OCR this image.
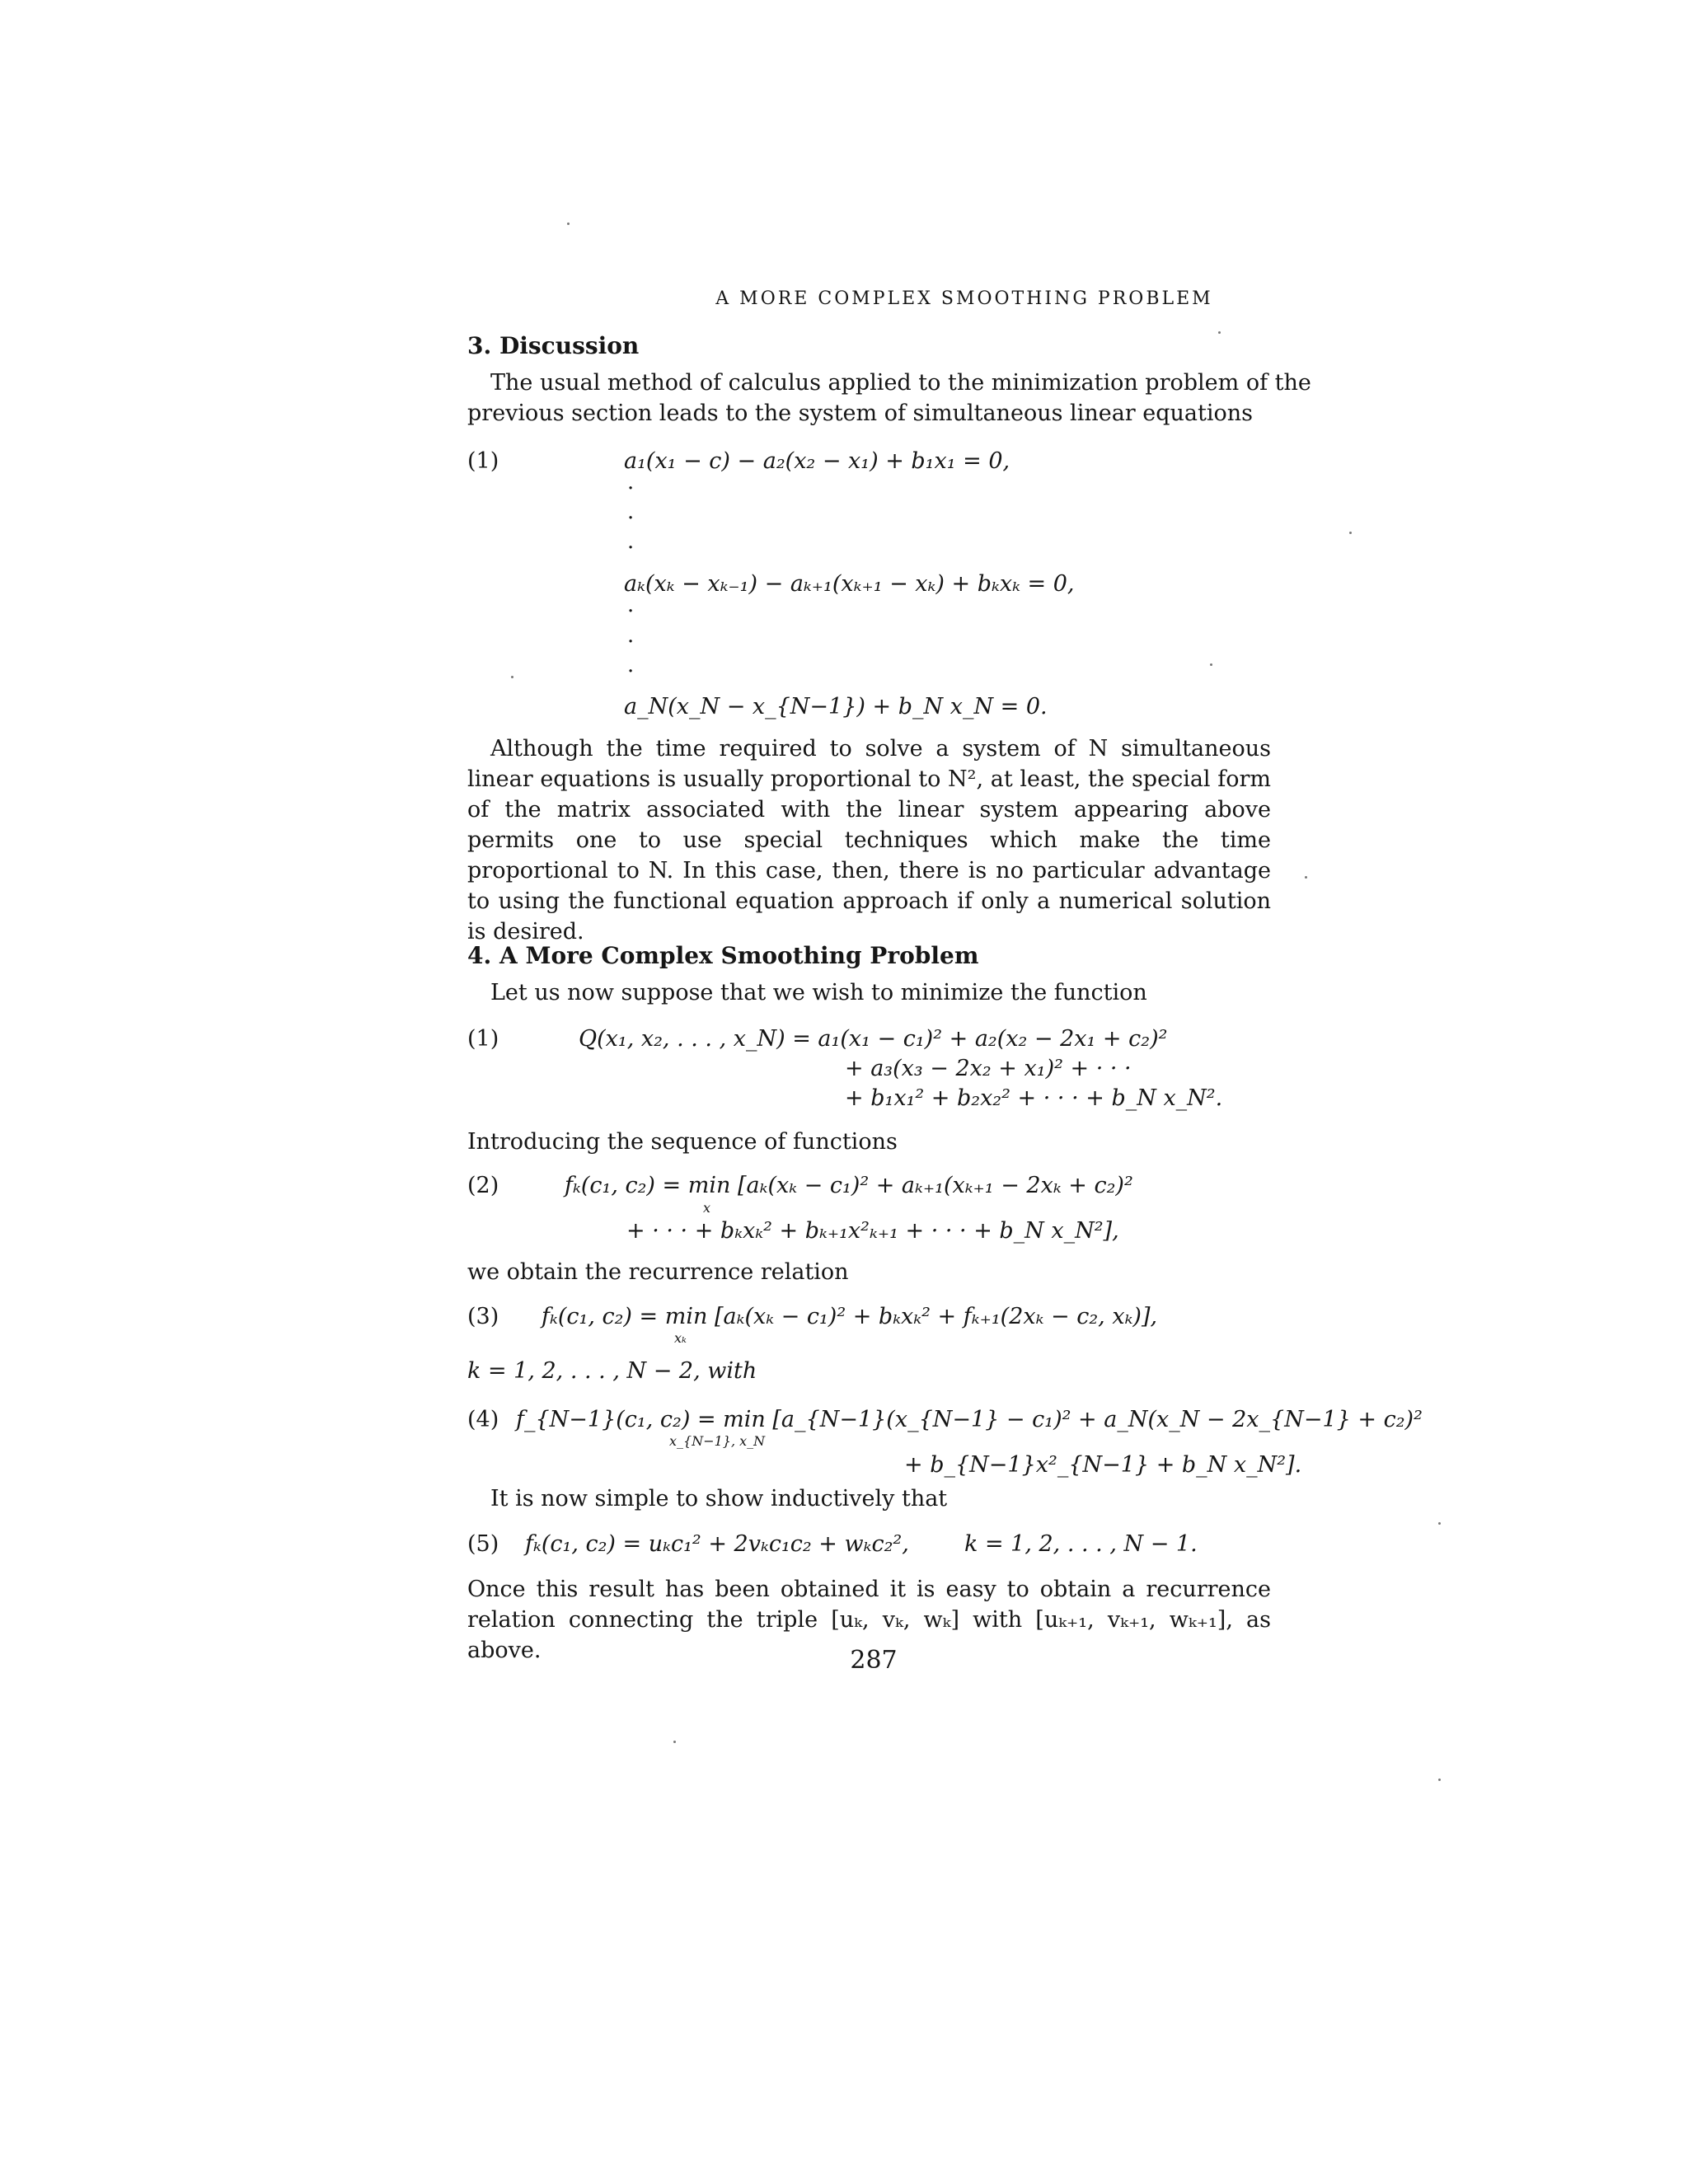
A MORE COMPLEX SMOOTHING PROBLEM
3. Discussion
The usual method of calculus applied to the minimization problem of the
previous section leads to the system of simultaneous linear equations
(1)	a₁(x₁ − c) − a₂(x₂ − x₁) + b₁x₁ = 0,
·
·
·
aₖ(xₖ − xₖ₋₁) − aₖ₊₁(xₖ₊₁ − xₖ) + bₖxₖ = 0,
·
·
·
a_N(x_N − x_{N−1}) + b_N x_N = 0.
Although the time required to solve a system of N simultaneous linear equations is usually proportional to N², at least, the special form of the matrix associated with the linear system appearing above permits one to use special techniques which make the time proportional to N. In this case, then, there is no particular advantage to using the functional equation approach if only a numerical solution is desired.
4. A More Complex Smoothing Problem
Let us now suppose that we wish to minimize the function
(1)	Q(x₁, x₂, . . . , x_N) = a₁(x₁ − c₁)² + a₂(x₂ − 2x₁ + c₂)²
+ a₃(x₃ − 2x₂ + x₁)² + · · ·
+ b₁x₁² + b₂x₂² + · · · + b_N x_N².
Introducing the sequence of functions
(2)	fₖ(c₁, c₂) = min [aₖ(xₖ − c₁)² + aₖ₊₁(xₖ₊₁ − 2xₖ + c₂)²
x
+ · · · + bₖxₖ² + bₖ₊₁x²ₖ₊₁ + · · · + b_N x_N²],
we obtain the recurrence relation
(3) fₖ(c₁, c₂) = min [aₖ(xₖ − c₁)² + bₖxₖ² + fₖ₊₁(2xₖ − c₂, xₖ)],
xₖ
k = 1, 2, . . . , N − 2, with
(4) f_{N−1}(c₁, c₂) = min [a_{N−1}(x_{N−1} − c₁)² + a_N(x_N − 2x_{N−1} + c₂)²
x_{N−1}, x_N
+ b_{N−1}x²_{N−1} + b_N x_N²].
It is now simple to show inductively that
(5) fₖ(c₁, c₂) = uₖc₁² + 2vₖc₁c₂ + wₖc₂², k = 1, 2, . . . , N − 1.
Once this result has been obtained it is easy to obtain a recurrence relation connecting the triple [uₖ, vₖ, wₖ] with [uₖ₊₁, vₖ₊₁, wₖ₊₁], as above.	287
